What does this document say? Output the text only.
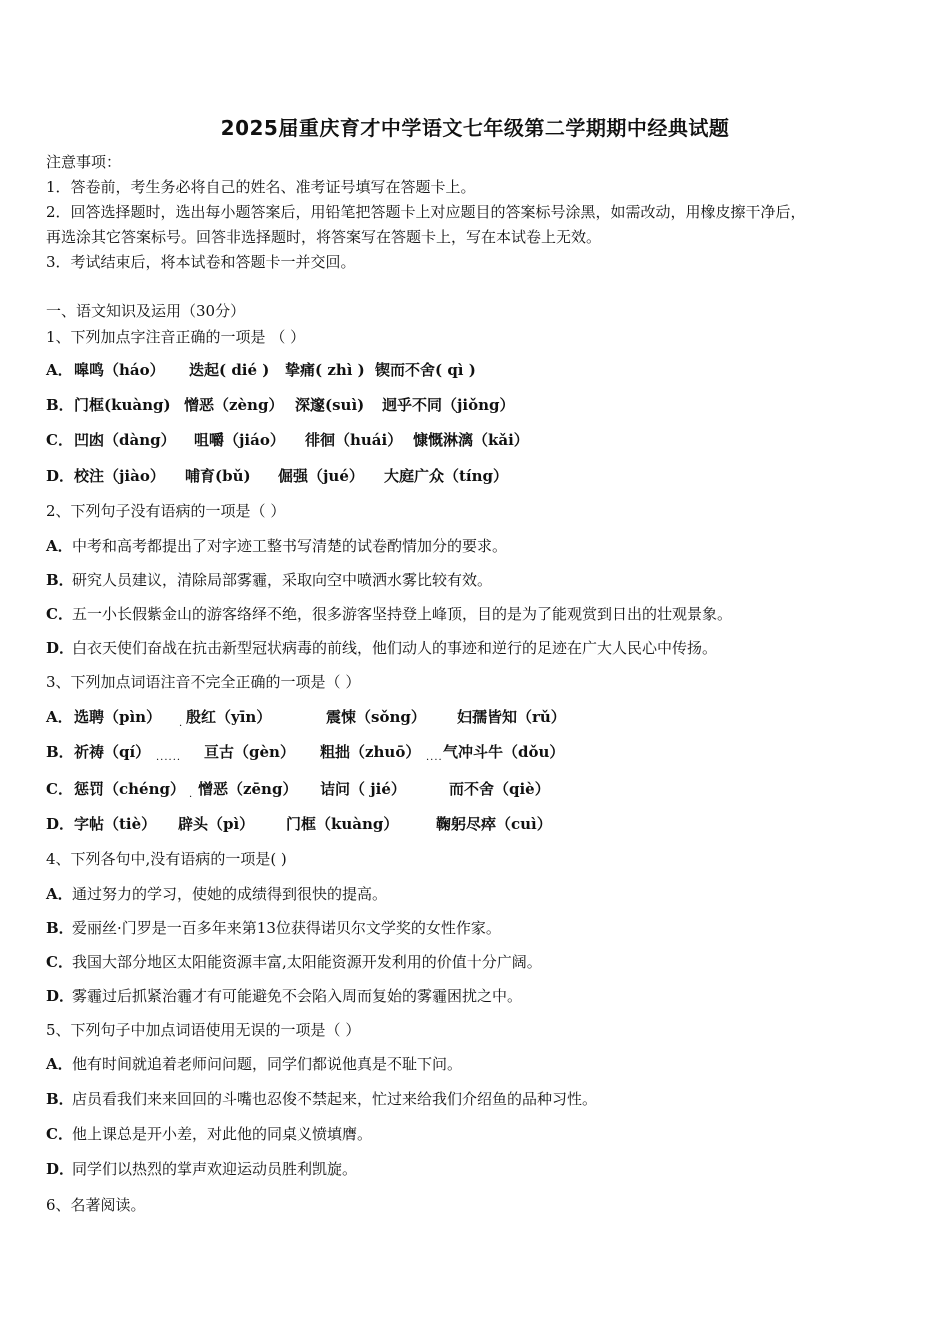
2025届重庆育才中学语文七年级第二学期期中经典试题
注意事项：
1．答卷前，考生务必将自己的姓名、准考证号填写在答题卡上。
2．回答选择题时，选出每小题答案后，用铅笔把答题卡上对应题目的答案标号涂黑，如需改动，用橡皮擦干净后，
再选涂其它答案标号。回答非选择题时，将答案写在答题卡上，写在本试卷上无效。
3．考试结束后，将本试卷和答题卡一并交回。
一、语文知识及运用（30分）
1、下列加点字注音正确的一项是 （ ）
A． 嗥鸣（háo） 迭起( dié ) 挚痛( zhì ) 锲而不舍( qì )
B． 门框(kuàng) 憎恶（zèng） 深邃(suì) 迥乎不同（jiǒng）
C． 凹凼（dàng） 咀嚼（jiáo） 徘徊（huái） 慷慨淋漓（kǎi）
D． 校注（jiào） 哺育(bǔ) 倔强（jué） 大庭广众（tíng）
2、下列句子没有语病的一项是（ ）
A．中考和高考都提出了对字迹工整书写清楚的试卷酌情加分的要求。
B．研究人员建议，清除局部雾霾，采取向空中喷洒水雾比较有效。
C．五一小长假紫金山的游客络绎不绝，很多游客坚持登上峰顶，目的是为了能观赏到日出的壮观景象。
D．白衣天使们奋战在抗击新型冠状病毒的前线，他们动人的事迹和逆行的足迹在广大人民心中传扬。
3、下列加点词语注音不完全正确的一项是（ ）
A． 选聘（pìn）
·
殷红（yīn）	震悚（sǒng） 妇孺皆知（rǔ）
B． 祈祷（qí） ······ 亘古（gèn） 粗拙（zhuō） ···· 气冲斗牛（dǒu）
C． 惩罚（chéng） · 憎恶（zēng） 诘问（ jié）	而不舍（qiè）
D． 字帖（tiè） 辟头（pì） 门框（kuàng）	鞠躬尽瘁（cuì）
4、下列各句中,没有语病的一项是( )
A．通过努力的学习，使她的成绩得到很快的提高。
B．爱丽丝·门罗是一百多年来第13位获得诺贝尔文学奖的女性作家。
C．我国大部分地区太阳能资源丰富,太阳能资源开发利用的价值十分广阔。
D．雾霾过后抓紧治霾才有可能避免不会陷入周而复始的雾霾困扰之中。
5、下列句子中加点词语使用无误的一项是（ ）
A．他有时间就追着老师问问题，同学们都说他真是不耻下问。
B．店员看我们来来回回的斗嘴也忍俊不禁起来，忙过来给我们介绍鱼的品种习性。
C．他上课总是开小差，对此他的同桌义愤填膺。
D．同学们以热烈的掌声欢迎运动员胜利凯旋。
6、名著阅读。
